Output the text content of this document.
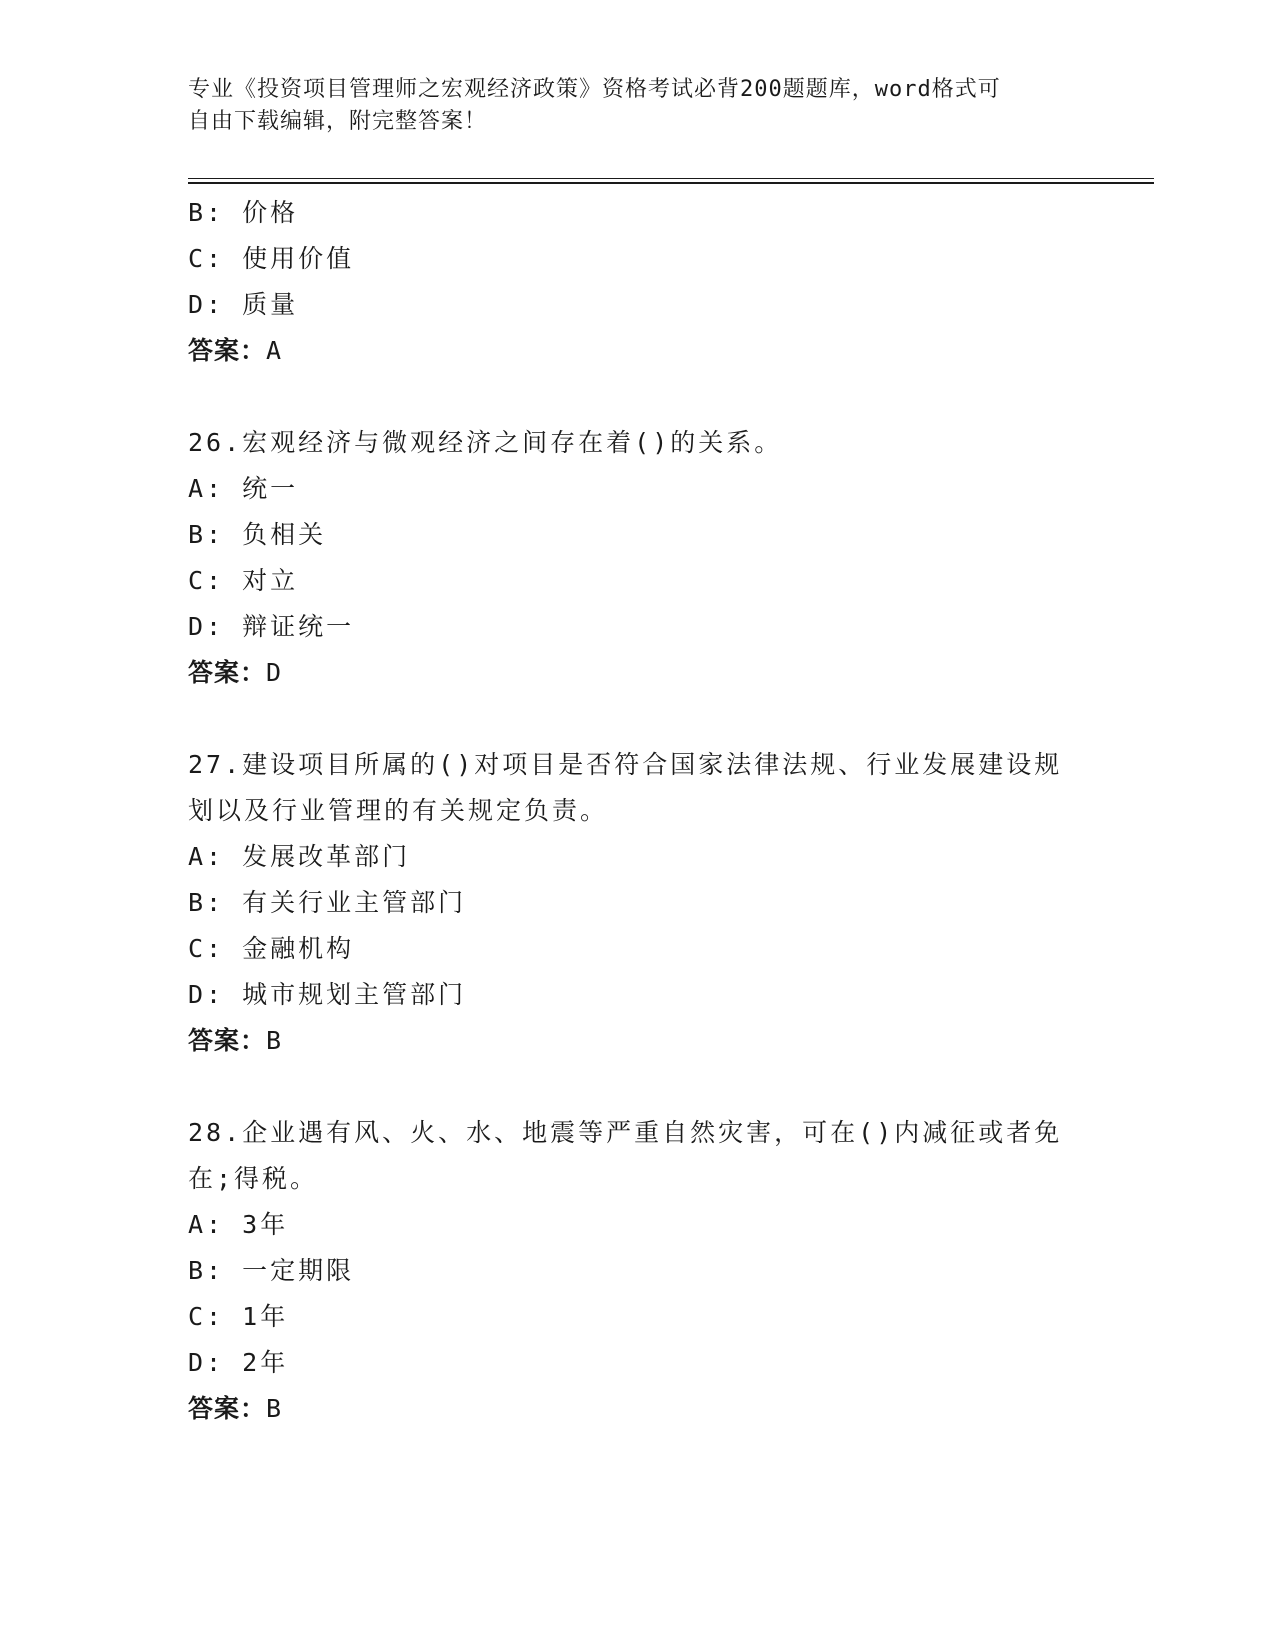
专业《投资项目管理师之宏观经济政策》资格考试必背200题题库，word格式可
自由下载编辑，附完整答案！
B: 价格
C: 使用价值
D: 质量
答案：A
26.宏观经济与微观经济之间存在着()的关系。
A: 统一
B: 负相关
C: 对立
D: 辩证统一
答案：D
27.建设项目所属的()对项目是否符合国家法律法规、行业发展建设规
划以及行业管理的有关规定负责。
A: 发展改革部门
B: 有关行业主管部门
C: 金融机构
D: 城市规划主管部门
答案：B
28.企业遇有风、火、水、地震等严重自然灾害，可在()内减征或者免
在;得税。
A: 3年
B: 一定期限
C: 1年
D: 2年
答案：B
